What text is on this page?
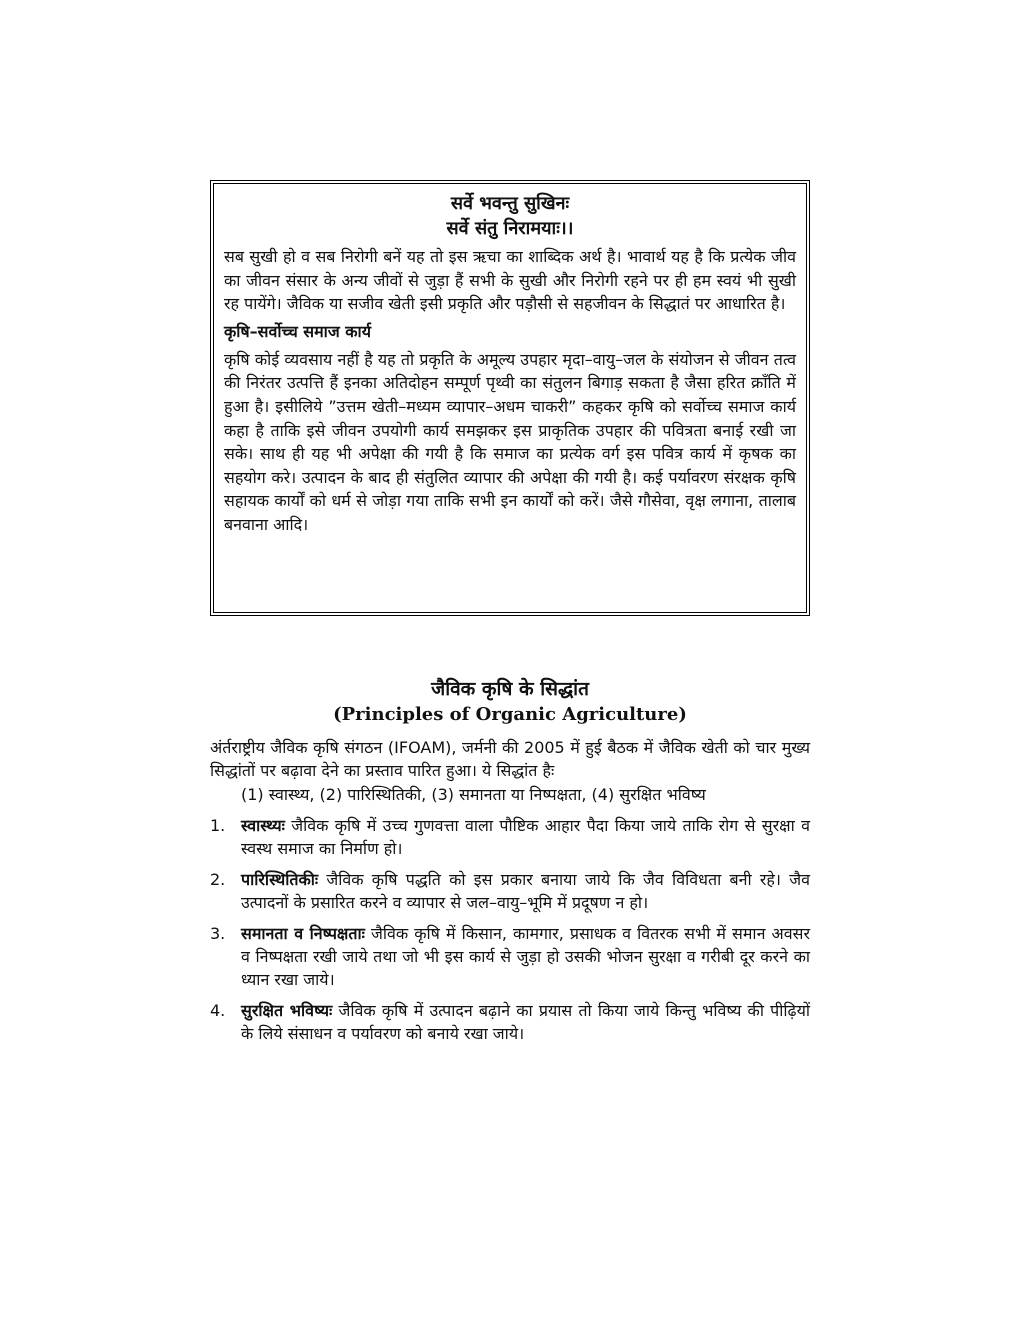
सर्वे भवन्तु सुखिनः
सर्वे संतु निरामयाः।।

सब सुखी हो व सब निरोगी बनें यह तो इस ऋचा का शाब्दिक अर्थ है। भावार्थ यह है कि प्रत्येक जीव का जीवन संसार के अन्य जीवों से जुड़ा हैं सभी के सुखी और निरोगी रहने पर ही हम स्वयं भी सुखी रह पायेंगे। जैविक या सजीव खेती इसी प्रकृति और पड़ौसी से सहजीवन के सिद्धातं पर आधारित है।

कृषि–सर्वोच्च समाज कार्य

कृषि कोई व्यवसाय नहीं है यह तो प्रकृति के अमूल्य उपहार मृदा–वायु–जल के संयोजन से जीवन तत्व की निरंतर उत्पत्ति हैं इनका अतिदोहन सम्पूर्ण पृथ्वी का संतुलन बिगाड़ सकता है जैसा हरित क्राँति में हुआ है। इसीलिये ”उत्तम खेती–मध्यम व्यापार–अधम चाकरी” कहकर कृषि को सर्वोच्च समाज कार्य कहा है ताकि इसे जीवन उपयोगी कार्य समझकर इस प्राकृतिक उपहार की पवित्रता बनाई रखी जा सके। साथ ही यह भी अपेक्षा की गयी है कि समाज का प्रत्येक वर्ग इस पवित्र कार्य में कृषक का सहयोग करे। उत्पादन के बाद ही संतुलित व्यापार की अपेक्षा की गयी है। कई पर्यावरण संरक्षक कृषि सहायक कार्यों को धर्म से जोड़ा गया ताकि सभी इन कार्यों को करें। जैसे गौसेवा, वृक्ष लगाना, तालाब बनवाना आदि।

जैविक कृषि के सिद्धांत
(Principles of Organic Agriculture)
अंर्तराष्ट्रीय जैविक कृषि संगठन (IFOAM), जर्मनी की 2005 में हुई बैठक में जैविक खेती को चार मुख्य सिद्धांतों पर बढ़ावा देने का प्रस्ताव पारित हुआ। ये सिद्धांत हैः
(1) स्वास्थ्य, (2) पारिस्थितिकी, (3) समानता या निष्पक्षता, (4) सुरक्षित भविष्य
1. स्वास्थ्यः जैविक कृषि में उच्च गुणवत्ता वाला पौष्टिक आहार पैदा किया जाये ताकि रोग से सुरक्षा व स्वस्थ समाज का निर्माण हो।
2. पारिस्थितिकीः जैविक कृषि पद्धति को इस प्रकार बनाया जाये कि जैव विविधता बनी रहे। जैव उत्पादनों के प्रसारित करने व व्यापार से जल–वायु–भूमि में प्रदूषण न हो।
3. समानता व निष्पक्षताः जैविक कृषि में किसान, कामगार, प्रसाधक व वितरक सभी में समान अवसर व निष्पक्षता रखी जाये तथा जो भी इस कार्य से जुड़ा हो उसकी भोजन सुरक्षा व गरीबी दूर करने का ध्यान रखा जाये।
4. सुरक्षित भविष्यः जैविक कृषि में उत्पादन बढ़ाने का प्रयास तो किया जाये किन्तु भविष्य की पीढ़ियों के लिये संसाधन व पर्यावरण को बनाये रखा जाये।
